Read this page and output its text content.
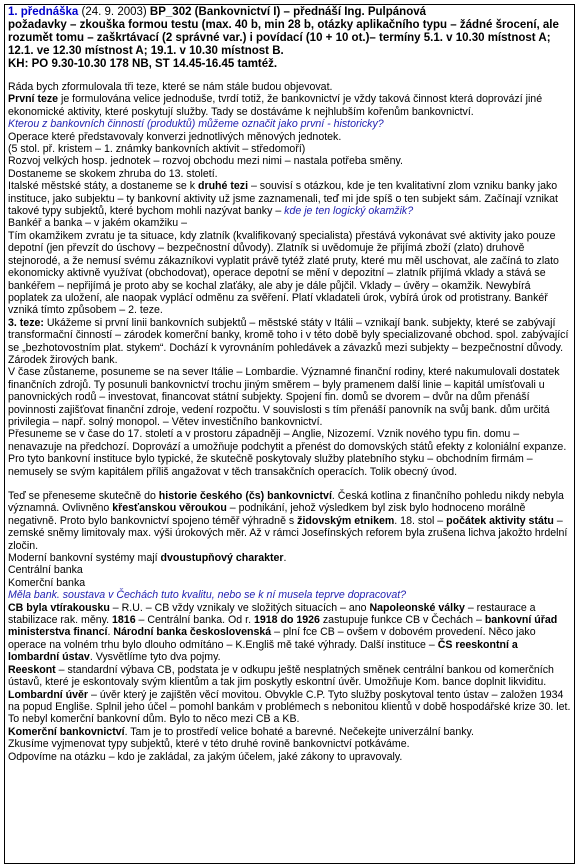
1. přednáška (24. 9. 2003) BP_302 (Bankovnictví I) – přednáší Ing. Pulpánová
požadavky – zkouška formou testu (max. 40 b, min 28 b, otázky aplikačního typu – žádné šrocení, ale rozumět tomu – zaškrtávací (2 správné var.) i povídací (10 + 10 ot.)– termíny 5.1. v 10.30 místnost A; 12.1. ve 12.30 místnost A; 19.1. v 10.30 místnost B.
KH: PO 9.30-10.30 178 NB, ST 14.45-16.45 tamtéž.
Ráda bych zformulovala tři teze, které se nám stále budou objevovat.
První teze je formulována velice jednoduše, tvrdí totiž, že bankovnictví je vždy taková činnost která doprovází jiné ekonomické aktivity, které poskytují služby. Tady se dostáváme k nejhlubším kořenům bankovnictví.
Kterou z bankovních činností (produktů) můžeme označit jako první - historicky?
Operace které představovaly konverzi jednotlivých měnových jednotek.
(5 stol. př. kristem – 1. známky bankovních aktivit – středomoří)
Rozvoj velkých hosp. jednotek – rozvoj obchodu mezi nimi – nastala potřeba směny.
Dostaneme se skokem zhruba do 13. století.
Italské městské státy, a dostaneme se k druhé tezi – souvisí s otázkou, kde je ten kvalitativní zlom vzniku banky jako instituce, jako subjektu – ty bankovní aktivity už jsme zaznamenali, teď mi jde spíš o ten subjekt sám. Začínají vznikat takové typy subjektů, které bychom mohli nazývat banky – kde je ten logický okamžik?
Bankéř a banka – v jakém okamžiku –
Tím okamžikem zvratu je ta situace, kdy zlatník (kvalifikovaný specialista) přestává vykonávat své aktivity jako pouze depotní (jen převzít do úschovy – bezpečnostní důvody). Zlatník si uvědomuje že přijímá zboží (zlato) druhově stejnorodé, a že nemusí svému zákazníkovi vyplatit právě tytéž zlaté pruty, které mu měl uschovat, ale začíná to zlato ekonomicky aktivně využívat (obchodovat), operace depotní se mění v depozitní – zlatník přijímá vklady a stává se bankéřem – nepřijímá je proto aby se kochal zlaťáky, ale aby je dále půjčil. Vklady – úvěry – okamžik. Newybírá poplatek za uložení, ale naopak vyplácí odměnu za svěření. Platí vkladateli úrok, vybírá úrok od protistrany. Bankéř vzniká tímto způsobem – 2. teze.
3. teze: Ukážeme si první linii bankovních subjektů – městské státy v Itálii – vznikají bank. subjekty, které se zabývají transformační činností – zárodek komerční banky, kromě toho i v této době byly specializované obchod. spol. zabývající se „bezhotovostním plat. stykem“. Dochází k vyrovnáním pohledávek a závazků mezi subjekty – bezpečnostní důvody. Zárodek žirových bank.
V čase zůstaneme, posuneme se na sever Itálie – Lombardie. Významné finanční rodiny, které nakumulovali dostatek finančních zdrojů. Ty posunuli bankovnictví trochu jiným směrem – byly pramenem další linie – kapitál umísťovali u panovnických rodů – investovat, financovat státní subjekty. Spojení fin. domů se dvorem – dvůr na dům přenáší povinnosti zajišťovat finanční zdroje, vedení rozpočtu. V souvislosti s tím přenáší panovník na svůj bank. dům určitá privilegia – např. solný monopol. – Větev investičního bankovnictví.
Přesuneme se v čase do 17. století a v prostoru západněji – Anglie, Nizozemí. Vznik nového typu fin. domu – nenavazuje na předchozí. Doprovází a umožňuje podchytit a přenést do domovských států efekty z koloniální expanze. Pro tyto bankovní instituce bylo typické, že skutečně poskytovaly služby platebního styku – obchodním firmám – nemusely se svým kapitálem příliš angažovat v těch transakčních operacích. Tolik obecný úvod.
Teď se přeneseme skutečně do historie českého (čs) bankovnictví. Česká kotlina z finančního pohledu nikdy nebyla významná. Ovlivněno křesťanskou věroukou – podnikání, jehož výsledkem byl zisk bylo hodnoceno morálně negativně. Proto bylo bankovnictví spojeno téměř výhradně s židovským etnikem. 18. stol – počátek aktivity státu – zemské sněmy limitovaly max. výši úrokových měr. Až v rámci Josefínských reforem byla zrušena lichva jakožto hrdelní zločin.
Moderní bankovní systémy mají dvoustupňový charakter.
Centrální banka
Komerční banka
Měla bank. soustava v Čechách tuto kvalitu, nebo se k ní musela teprve dopracovat?
CB byla vtírakousku – R.U. – CB vždy vznikaly ve složitých situacích – ano Napoleonské války – restaurace a stabilizace rak. měny. 1816 – Centrální banka. Od r. 1918 do 1926 zastupuje funkce CB v Čechách – bankovní úřad ministerstva financí. Národní banka československá – plní fce CB – ovšem v dobovém provedení. Něco jako operace na volném trhu bylo dlouho odmítáno – K.Engliš mě také výhrady. Další instituce – ČS reeskontní a lombardní ústav. Vysvětlíme tyto dva pojmy.
Reeskont – standardní výbava CB, podstata je v odkupu ještě nesplatných směnek centrální bankou od komerčních ústavů, které je eskontovaly svým klientům a tak jim poskytly eskontní úvěr. Umožňuje Kom. bance doplnit likviditu.
Lombardní úvěr – úvěr který je zajištěn věcí movitou. Obvykle C.P. Tyto služby poskytoval tento ústav – založen 1934 na popud Engliše. Splnil jeho účel – pomohl bankám v problémech s nebonitou klientů v době hospodářské krize 30. let. To nebyl komerční bankovní dům. Bylo to něco mezi CB a KB.
Komerční bankovnictví. Tam je to prostředí velice bohaté a barevné. Nečekejte univerzální banky.
Zkusíme vyjmenovat typy subjektů, které v této druhé rovině bankovnictví potkáváme.
Odpovíme na otázku – kdo je zakládal, za jakým účelem, jaké zákony to upravovaly.
